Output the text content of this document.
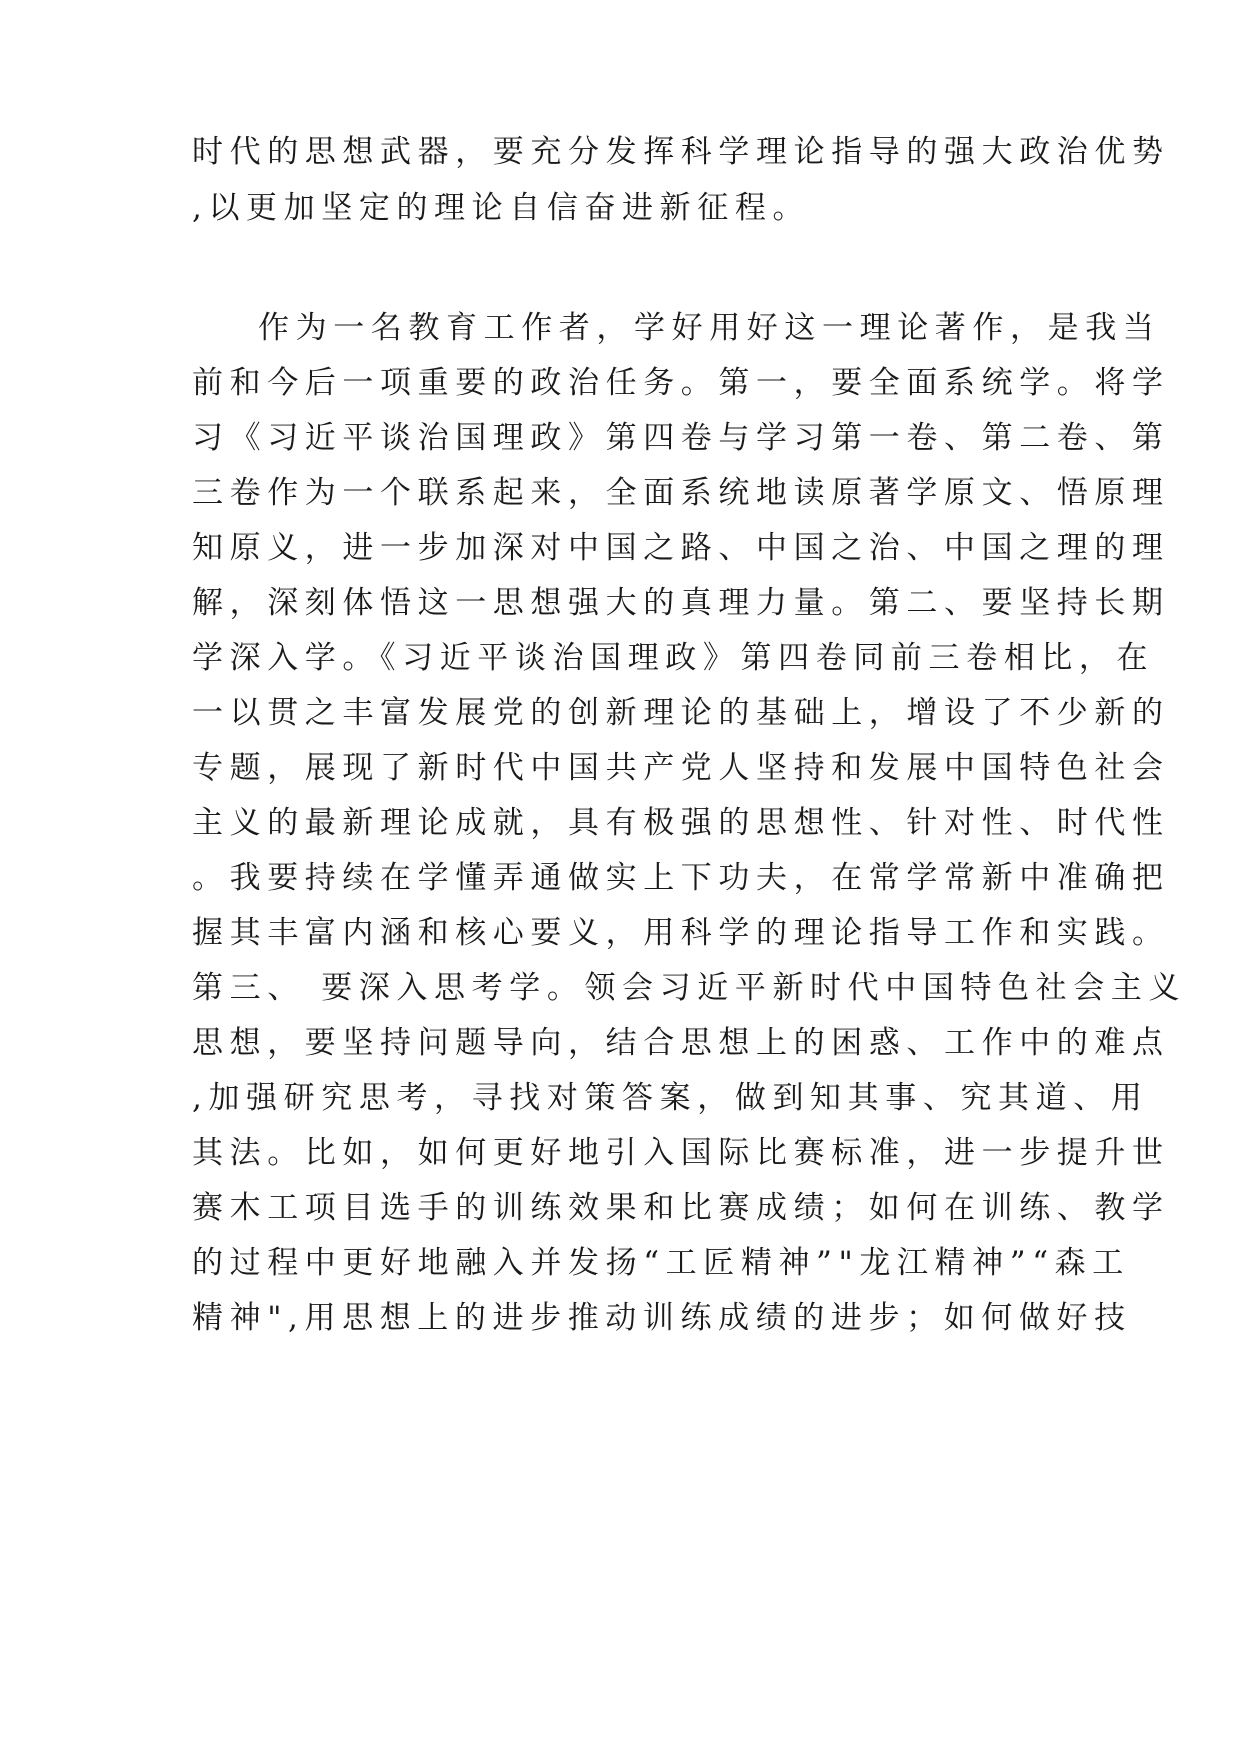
时代的思想武器，要充分发挥科学理论指导的强大政治优势
,以更加坚定的理论自信奋进新征程。
作为一名教育工作者，学好用好这一理论著作，是我当
前和今后一项重要的政治任务。第一，要全面系统学。将学
习《习近平谈治国理政》第四卷与学习第一卷、第二卷、第
三卷作为一个联系起来，全面系统地读原著学原文、悟原理
知原义，进一步加深对中国之路、中国之治、中国之理的理
解，深刻体悟这一思想强大的真理力量。第二、要坚持长期
学深入学。《习近平谈治国理政》第四卷同前三卷相比，在
一以贯之丰富发展党的创新理论的基础上，增设了不少新的
专题，展现了新时代中国共产党人坚持和发展中国特色社会
主义的最新理论成就，具有极强的思想性、针对性、时代性
。我要持续在学懂弄通做实上下功夫，在常学常新中准确把
握其丰富内涵和核心要义，用科学的理论指导工作和实践。
第三、 要深入思考学。领会习近平新时代中国特色社会主义
思想，要坚持问题导向，结合思想上的困惑、工作中的难点
,加强研究思考，寻找对策答案，做到知其事、究其道、用
其法。比如，如何更好地引入国际比赛标准，进一步提升世
赛木工项目选手的训练效果和比赛成绩；如何在训练、教学
的过程中更好地融入并发扬“工匠精神”"龙江精神”“森工
精神",用思想上的进步推动训练成绩的进步；如何做好技
